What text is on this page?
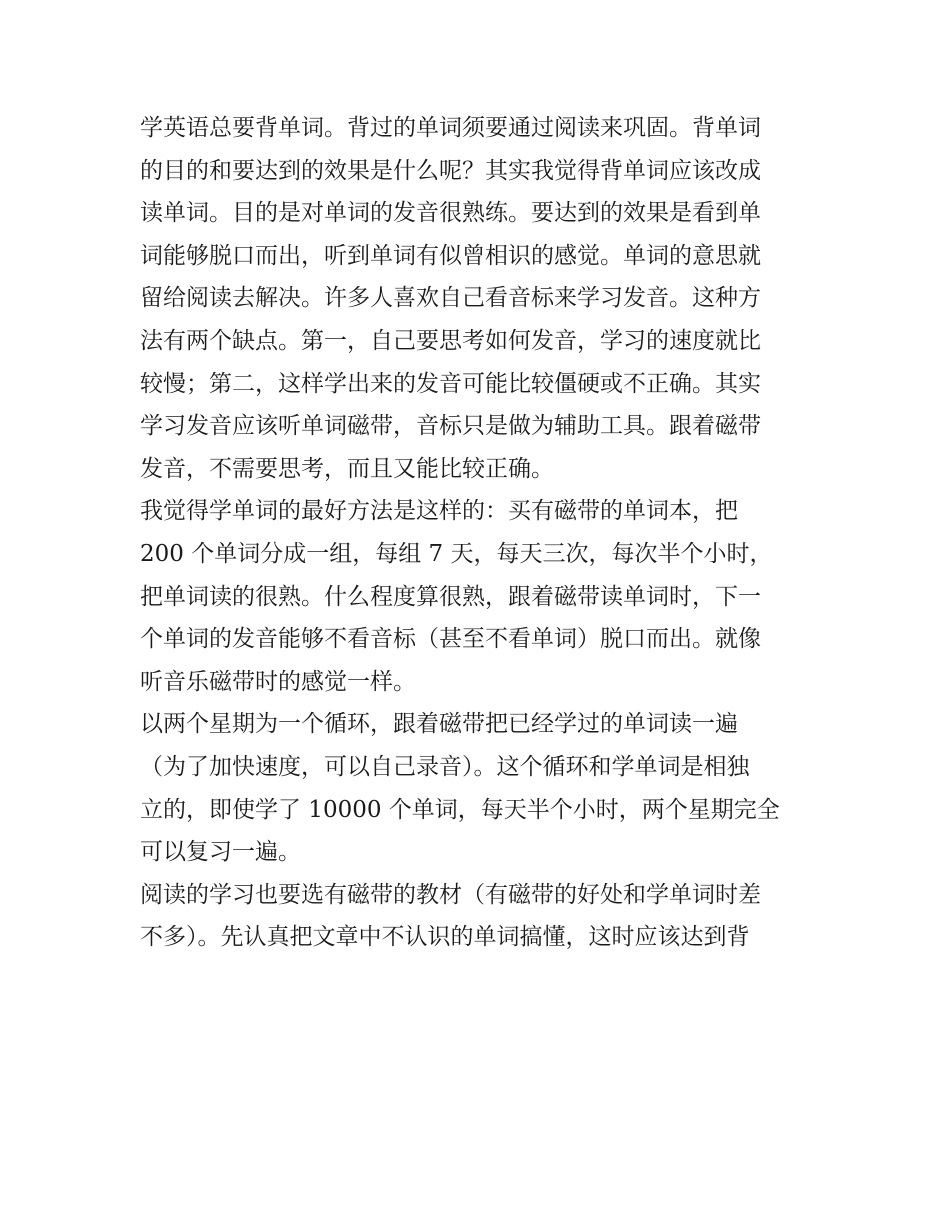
学英语总要背单词。背过的单词须要通过阅读来巩固。背单词
的目的和要达到的效果是什么呢？其实我觉得背单词应该改成
读单词。目的是对单词的发音很熟练。要达到的效果是看到单
词能够脱口而出，听到单词有似曾相识的感觉。单词的意思就
留给阅读去解决。许多人喜欢自己看音标来学习发音。这种方
法有两个缺点。第一，自己要思考如何发音，学习的速度就比
较慢；第二，这样学出来的发音可能比较僵硬或不正确。其实
学习发音应该听单词磁带，音标只是做为辅助工具。跟着磁带
发音，不需要思考，而且又能比较正确。
我觉得学单词的最好方法是这样的：买有磁带的单词本，把
200 个单词分成一组，每组 7 天，每天三次，每次半个小时，
把单词读的很熟。什么程度算很熟，跟着磁带读单词时，下一
个单词的发音能够不看音标（甚至不看单词）脱口而出。就像
听音乐磁带时的感觉一样。
以两个星期为一个循环，跟着磁带把已经学过的单词读一遍
（为了加快速度，可以自己录音）。这个循环和学单词是相独
立的，即使学了 10000 个单词，每天半个小时，两个星期完全
可以复习一遍。
阅读的学习也要选有磁带的教材（有磁带的好处和学单词时差
不多）。先认真把文章中不认识的单词搞懂，这时应该达到背
